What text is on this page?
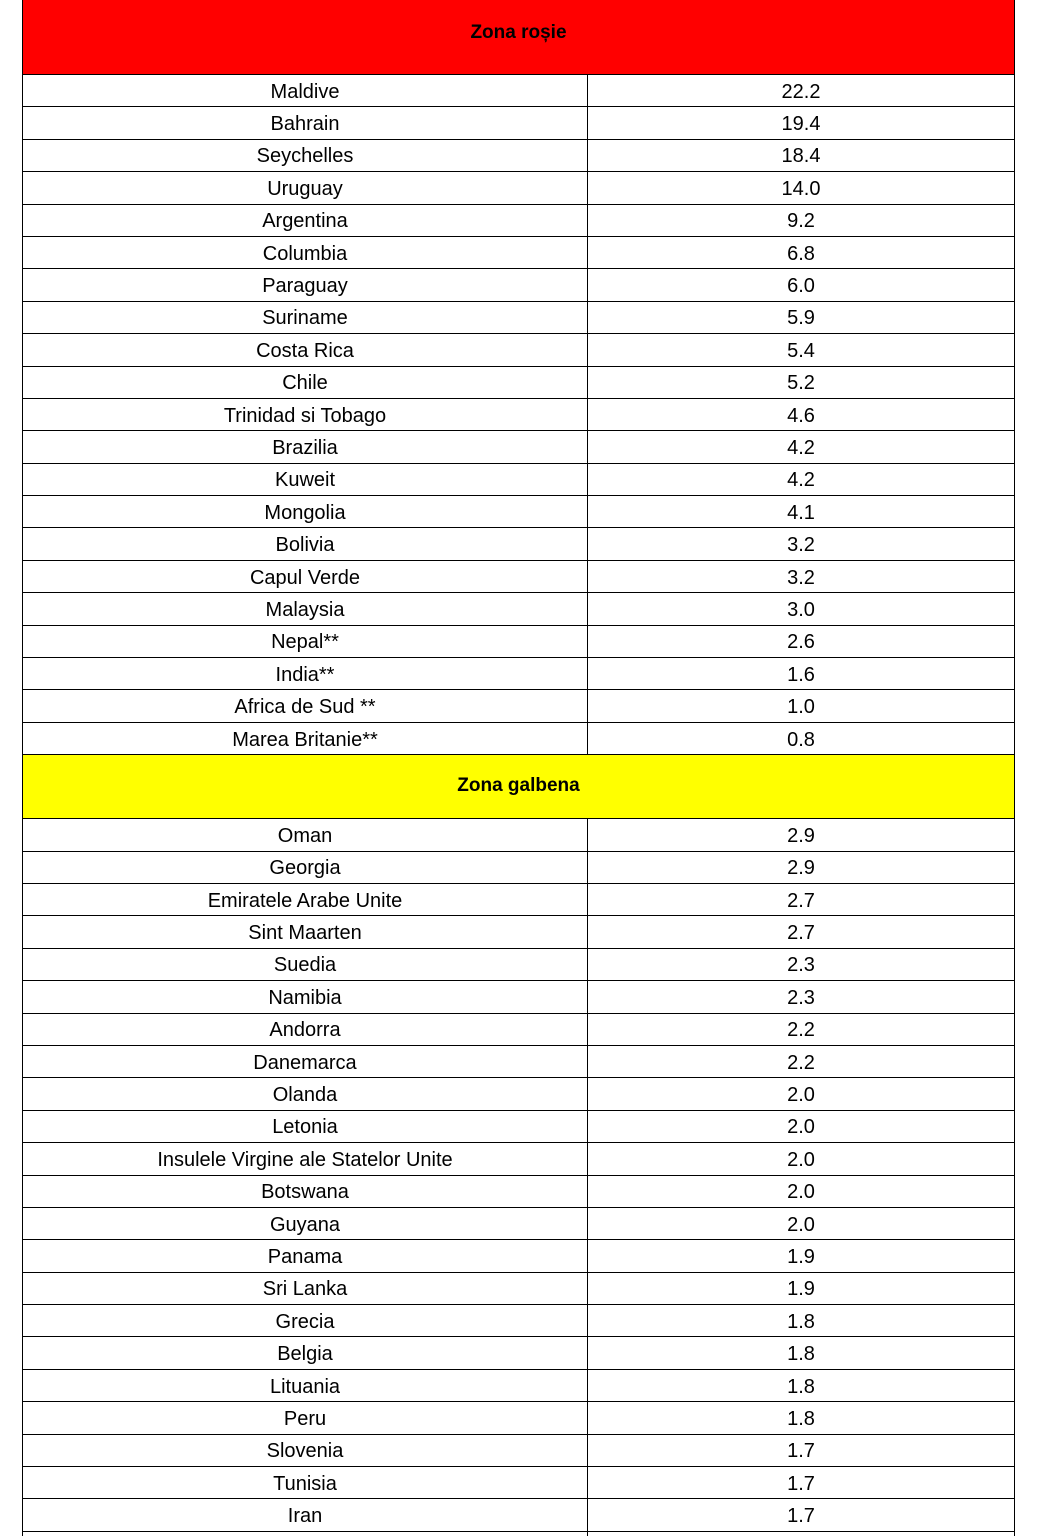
Zona roșie
Maldive	22.2
Bahrain	19.4
Seychelles	18.4
Uruguay	14.0
Argentina	9.2
Columbia	6.8
Paraguay	6.0
Suriname	5.9
Costa Rica	5.4
Chile	5.2
Trinidad si Tobago	4.6
Brazilia	4.2
Kuweit	4.2
Mongolia	4.1
Bolivia	3.2
Capul Verde	3.2
Malaysia	3.0
Nepal**	2.6
India**	1.6
Africa de Sud **	1.0
Marea Britanie**	0.8
Zona galbena
Oman	2.9
Georgia	2.9
Emiratele Arabe Unite	2.7
Sint Maarten	2.7
Suedia	2.3
Namibia	2.3
Andorra	2.2
Danemarca	2.2
Olanda	2.0
Letonia	2.0
Insulele Virgine ale Statelor Unite	2.0
Botswana	2.0
Guyana	2.0
Panama	1.9
Sri Lanka	1.9
Grecia	1.8
Belgia	1.8
Lituania	1.8
Peru	1.8
Slovenia	1.7
Tunisia	1.7
Iran	1.7
